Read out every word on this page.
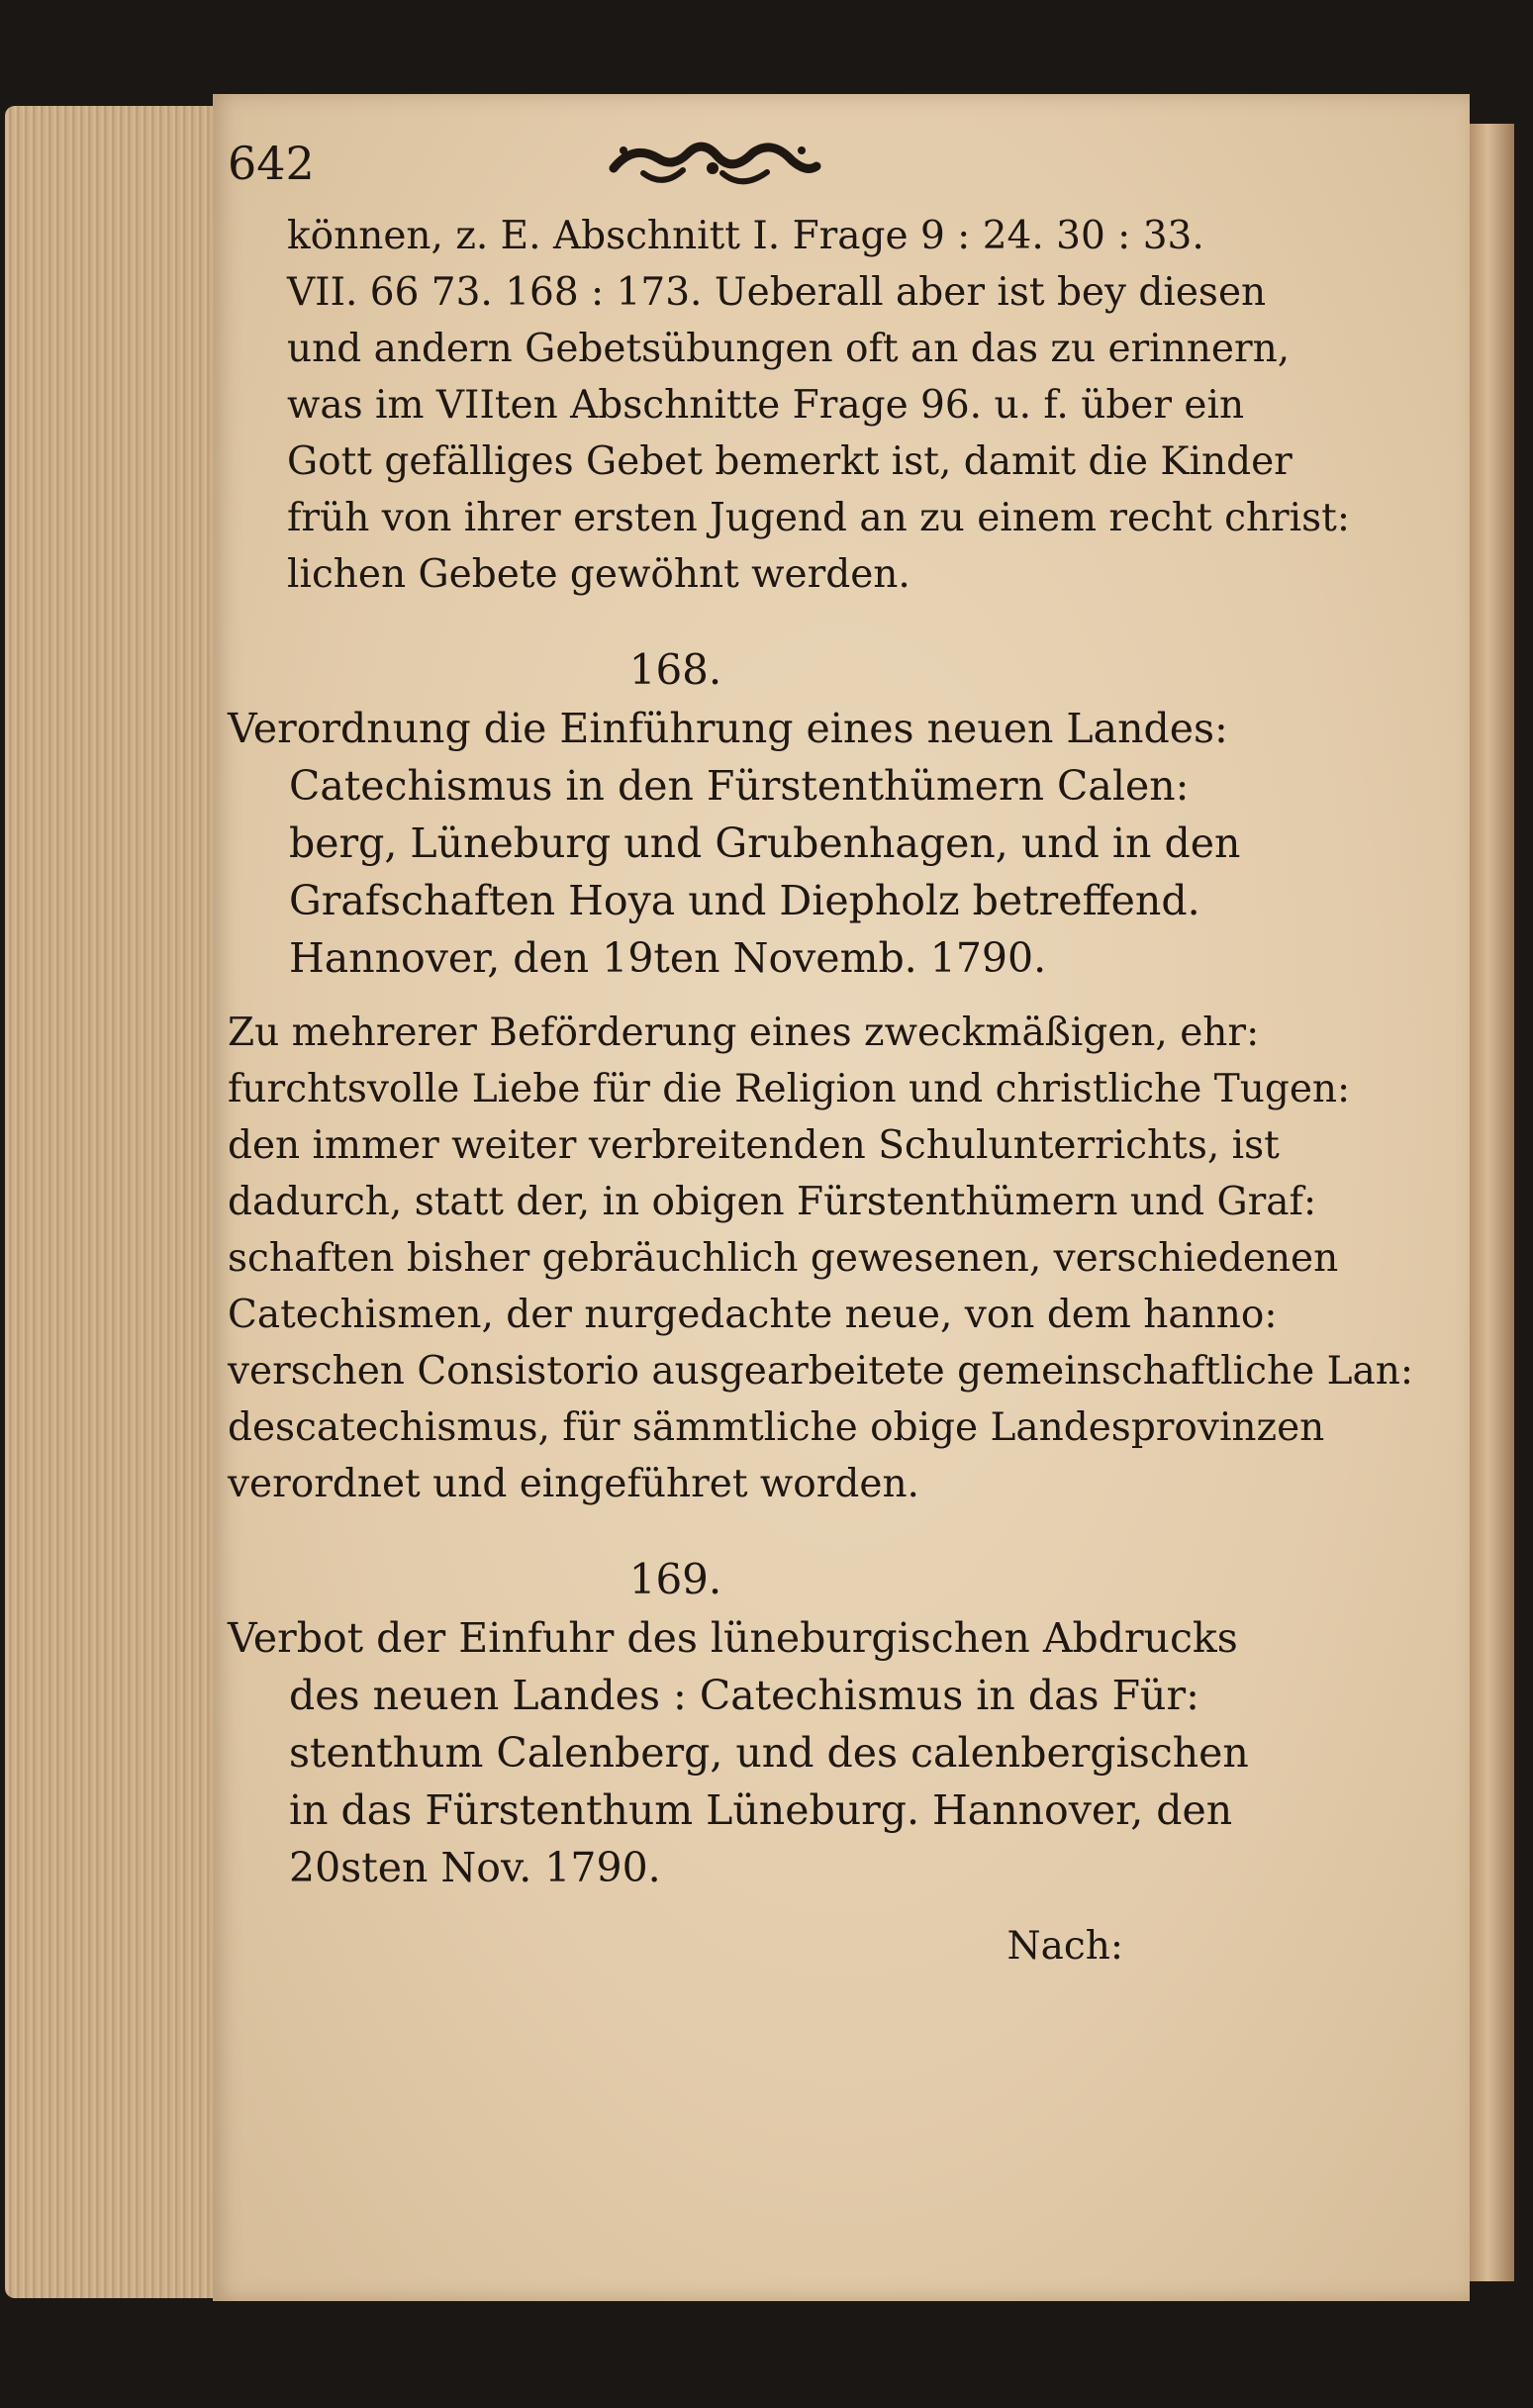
642
können, z. E. Abschnitt I. Frage 9 : 24. 30 : 33.
VII. 66 73. 168 : 173. Ueberall aber ist bey diesen
und andern Gebetsübungen oft an das zu erinnern,
was im VIIten Abschnitte Frage 96. u. f. über ein
Gott gefälliges Gebet bemerkt ist, damit die Kinder
früh von ihrer ersten Jugend an zu einem recht christ:
lichen Gebete gewöhnt werden.
168.
Verordnung die Einführung eines neuen Landes:
Catechismus in den Fürstenthümern Calen:
berg, Lüneburg und Grubenhagen, und in den
Grafschaften Hoya und Diepholz betreffend.
Hannover, den 19ten Novemb. 1790.
Zu mehrerer Beförderung eines zweckmäßigen, ehr:
furchtsvolle Liebe für die Religion und christliche Tugen:
den immer weiter verbreitenden Schulunterrichts, ist
dadurch, statt der, in obigen Fürstenthümern und Graf:
schaften bisher gebräuchlich gewesenen, verschiedenen
Catechismen, der nurgedachte neue, von dem hanno:
verschen Consistorio ausgearbeitete gemeinschaftliche Lan:
descatechismus, für sämmtliche obige Landesprovinzen
verordnet und eingeführet worden.
169.
Verbot der Einfuhr des lüneburgischen Abdrucks
des neuen Landes : Catechismus in das Für:
stenthum Calenberg, und des calenbergischen
in das Fürstenthum Lüneburg. Hannover, den
20sten Nov. 1790.
Nach:
